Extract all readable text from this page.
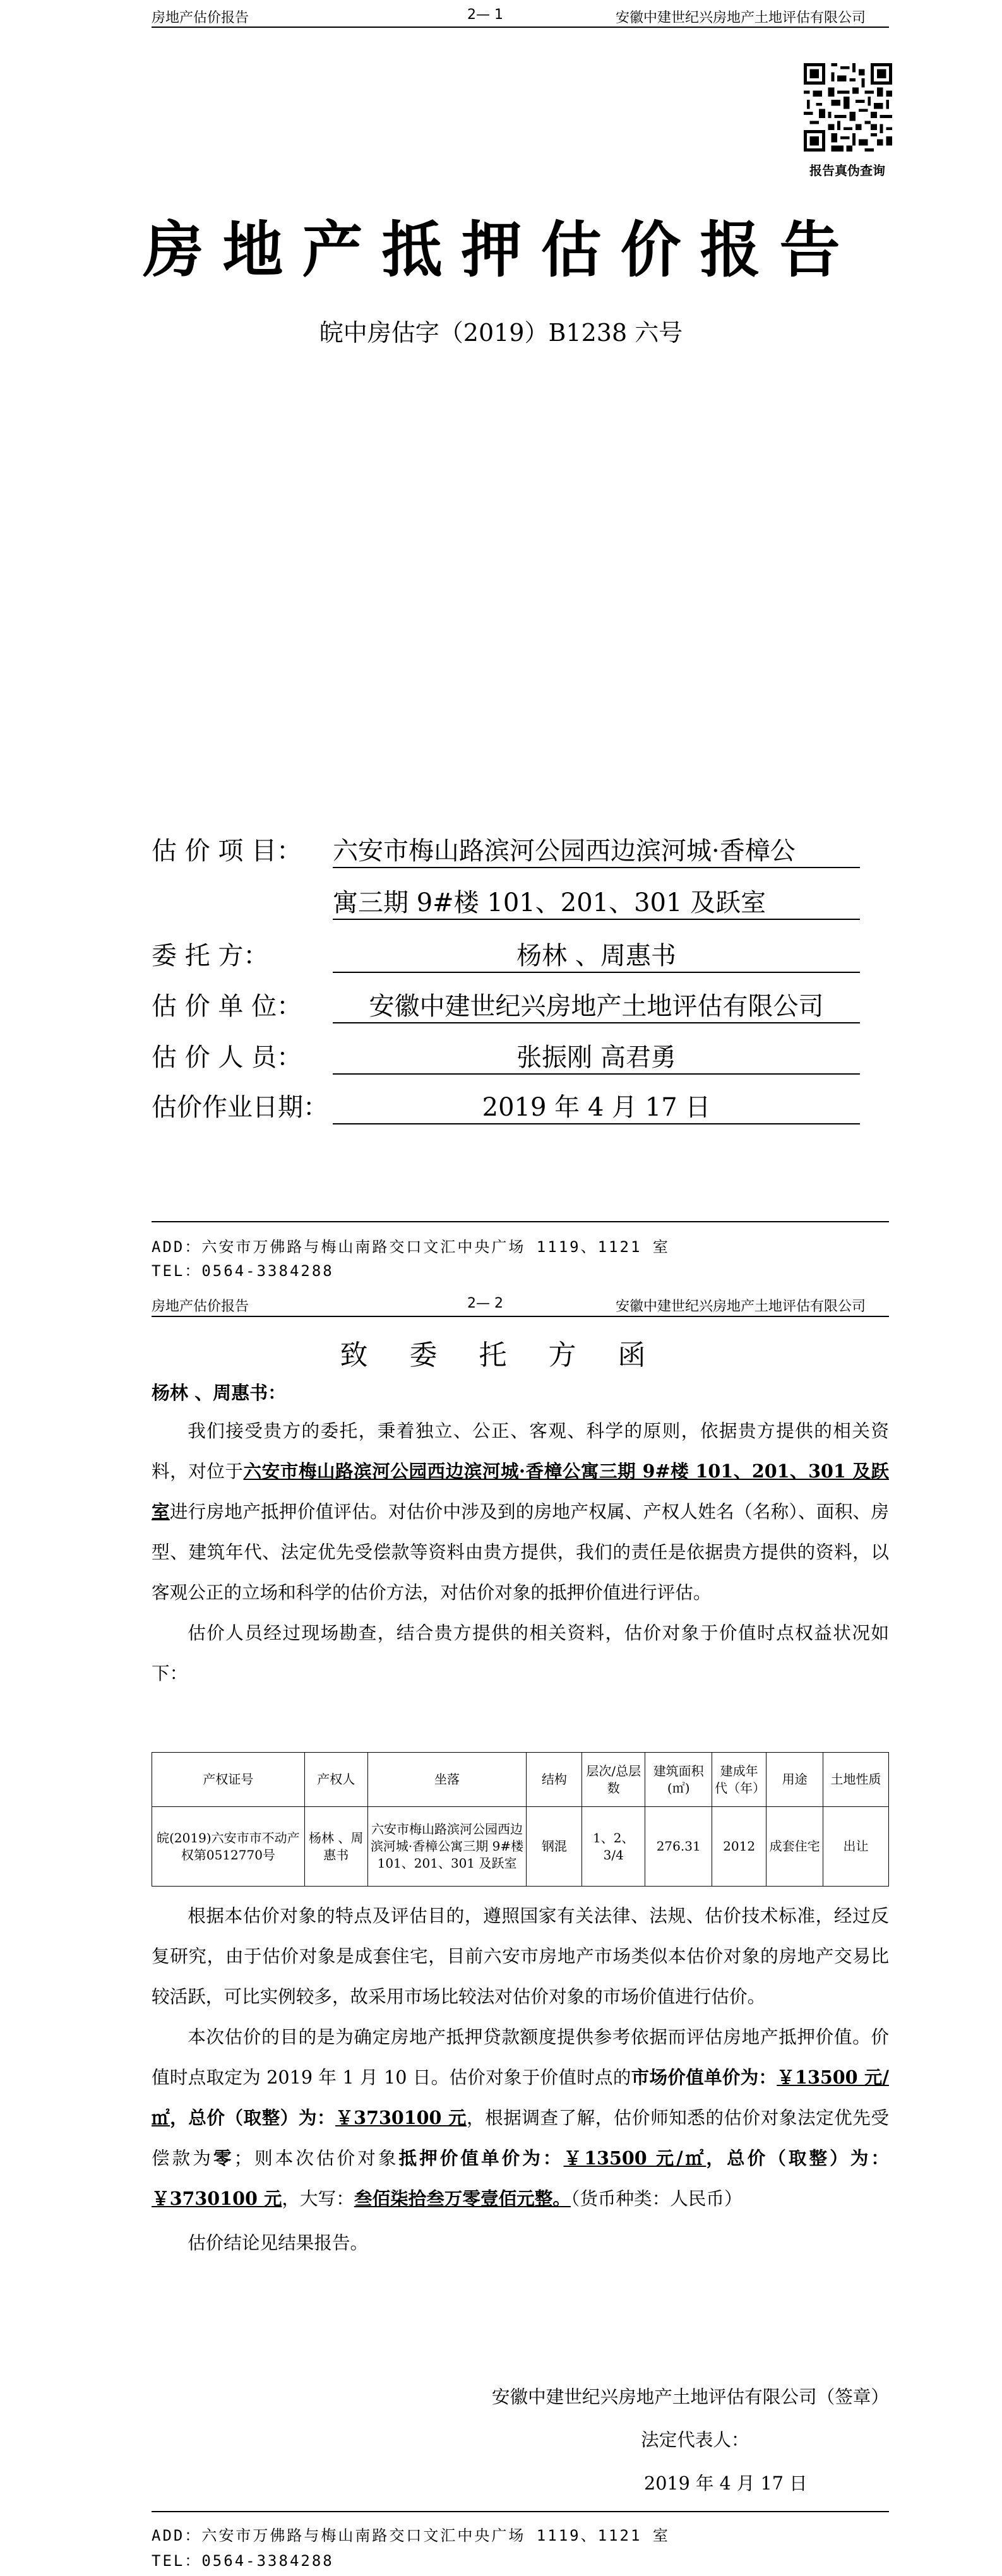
房地产估价报告	2— 1	安徽中建世纪兴房地产土地评估有限公司
报告真伪查询
房地产抵押估价报告
皖中房估字（2019）B1238 六号
估 价 项 目： 六安市梅山路滨河公园西边滨河城·香樟公
寓三期 9#楼 101、201、301 及跃室
委 托 方：	杨林 、周惠书
估 价 单 位：	安徽中建世纪兴房地产土地评估有限公司
估 价 人 员：	张振刚 高君勇
估价作业日期：	2019 年 4 月 17 日
ADD：六安市万佛路与梅山南路交口文汇中央广场 1119、1121 室
TEL：0564-3384288
房地产估价报告	2— 2	安徽中建世纪兴房地产土地评估有限公司
致 委 托 方 函
杨林 、周惠书：

我们接受贵方的委托，秉着独立、公正、客观、科学的原则，依据贵方提供的相关资料，对位于六安市梅山路滨河公园西边滨河城·香樟公寓三期 9#楼 101、201、301 及跃室进行房地产抵押价值评估。对估价中涉及到的房地产权属、产权人姓名（名称）、面积、房型、建筑年代、法定优先受偿款等资料由贵方提供，我们的责任是依据贵方提供的资料，以客观公正的立场和科学的估价方法，对估价对象的抵押价值进行评估。

估价人员经过现场勘查，结合贵方提供的相关资料，估价对象于价值时点权益状况如下：

产权证号	产权人	坐落	结构	层次/总层数	建筑面积(㎡)	建成年代（年）	用途	土地性质
皖(2019)六安市市不动产权第0512770号	杨林 、周惠书	六安市梅山路滨河公园西边滨河城·香樟公寓三期 9#楼101、201、301 及跃室	钢混	1、2、3/4	276.31	2012	成套住宅	出让

根据本估价对象的特点及评估目的，遵照国家有关法律、法规、估价技术标准，经过反复研究，由于估价对象是成套住宅，目前六安市房地产市场类似本估价对象的房地产交易比较活跃，可比实例较多，故采用市场比较法对估价对象的市场价值进行估价。

本次估价的目的是为确定房地产抵押贷款额度提供参考依据而评估房地产抵押价值。价值时点取定为 2019 年 1 月 10 日。估价对象于价值时点的市场价值单价为：￥13500 元/㎡，总价（取整）为：￥3730100 元，根据调查了解，估价师知悉的估价对象法定优先受偿款为零；则本次估价对象抵押价值单价为：￥13500 元/㎡，总价（取整）为：￥3730100 元，大写：叁佰柒拾叁万零壹佰元整。（货币种类：人民币）

估价结论见结果报告。

安徽中建世纪兴房地产土地评估有限公司（签章）
法定代表人：
2019 年 4 月 17 日
ADD：六安市万佛路与梅山南路交口文汇中央广场 1119、1121 室
TEL：0564-3384288
